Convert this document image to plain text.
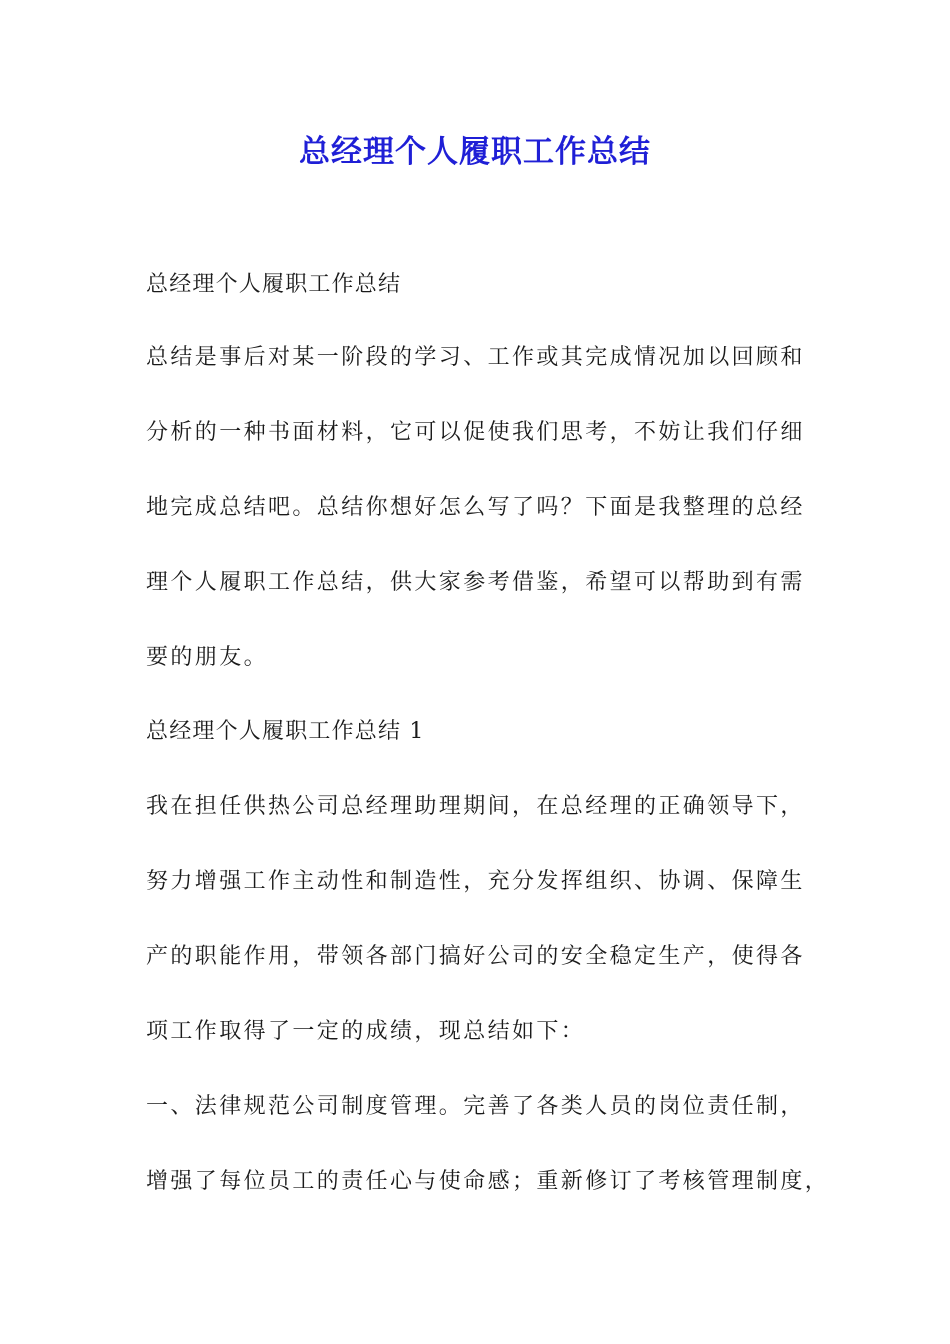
总经理个人履职工作总结
总经理个人履职工作总结
总结是事后对某一阶段的学习、工作或其完成情况加以回顾和
分析的一种书面材料，它可以促使我们思考，不妨让我们仔细
地完成总结吧。总结你想好怎么写了吗？下面是我整理的总经
理个人履职工作总结，供大家参考借鉴，希望可以帮助到有需
要的朋友。
总经理个人履职工作总结 1
我在担任供热公司总经理助理期间，在总经理的正确领导下，
努力增强工作主动性和制造性，充分发挥组织、协调、保障生
产的职能作用，带领各部门搞好公司的安全稳定生产，使得各
项工作取得了一定的成绩，现总结如下：
一、法律规范公司制度管理。完善了各类人员的岗位责任制，
增强了每位员工的责任心与使命感；重新修订了考核管理制度，
